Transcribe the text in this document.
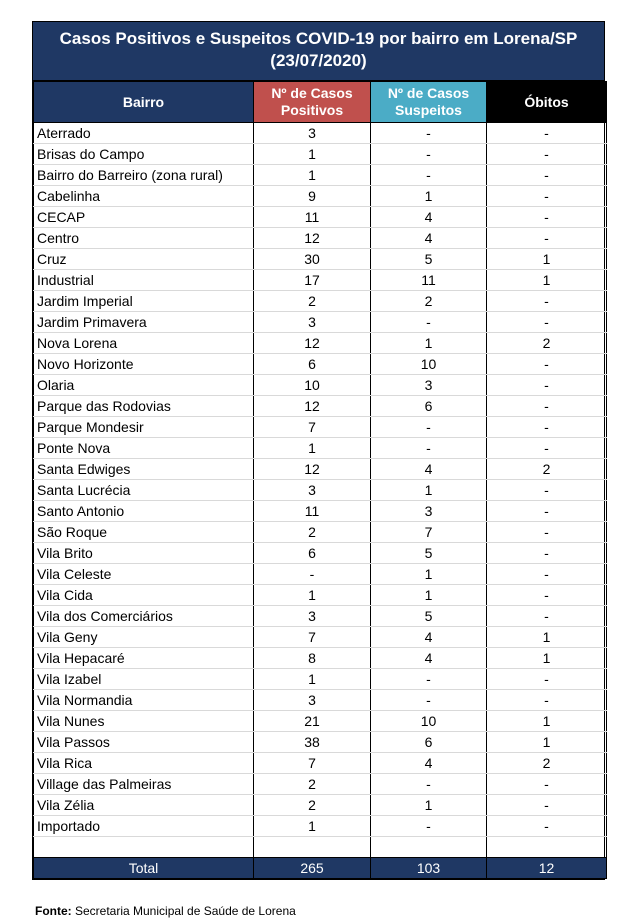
Casos Positivos e Suspeitos COVID-19 por bairro em Lorena/SP (23/07/2020)
Bairro	Nº de Casos Positivos	Nº de Casos Suspeitos	Óbitos
Aterrado	3	-	-
Brisas do Campo	1	-	-
Bairro do Barreiro (zona rural)	1	-	-
Cabelinha	9	1	-
CECAP	11	4	-
Centro	12	4	-
Cruz	30	5	1
Industrial	17	11	1
Jardim Imperial	2	2	-
Jardim Primavera	3	-	-
Nova Lorena	12	1	2
Novo Horizonte	6	10	-
Olaria	10	3	-
Parque das Rodovias	12	6	-
Parque Mondesir	7	-	-
Ponte Nova	1	-	-
Santa Edwiges	12	4	2
Santa Lucrécia	3	1	-
Santo Antonio	11	3	-
São Roque	2	7	-
Vila Brito	6	5	-
Vila Celeste	-	1	-
Vila Cida	1	1	-
Vila dos Comerciários	3	5	-
Vila Geny	7	4	1
Vila Hepacaré	8	4	1
Vila Izabel	1	-	-
Vila Normandia	3	-	-
Vila Nunes	21	10	1
Vila Passos	38	6	1
Vila Rica	7	4	2
Village das Palmeiras	2	-	-
Vila Zélia	2	1	-
Importado	1	-	-

Total	265	103	12
Fonte: Secretaria Municipal de Saúde de Lorena
